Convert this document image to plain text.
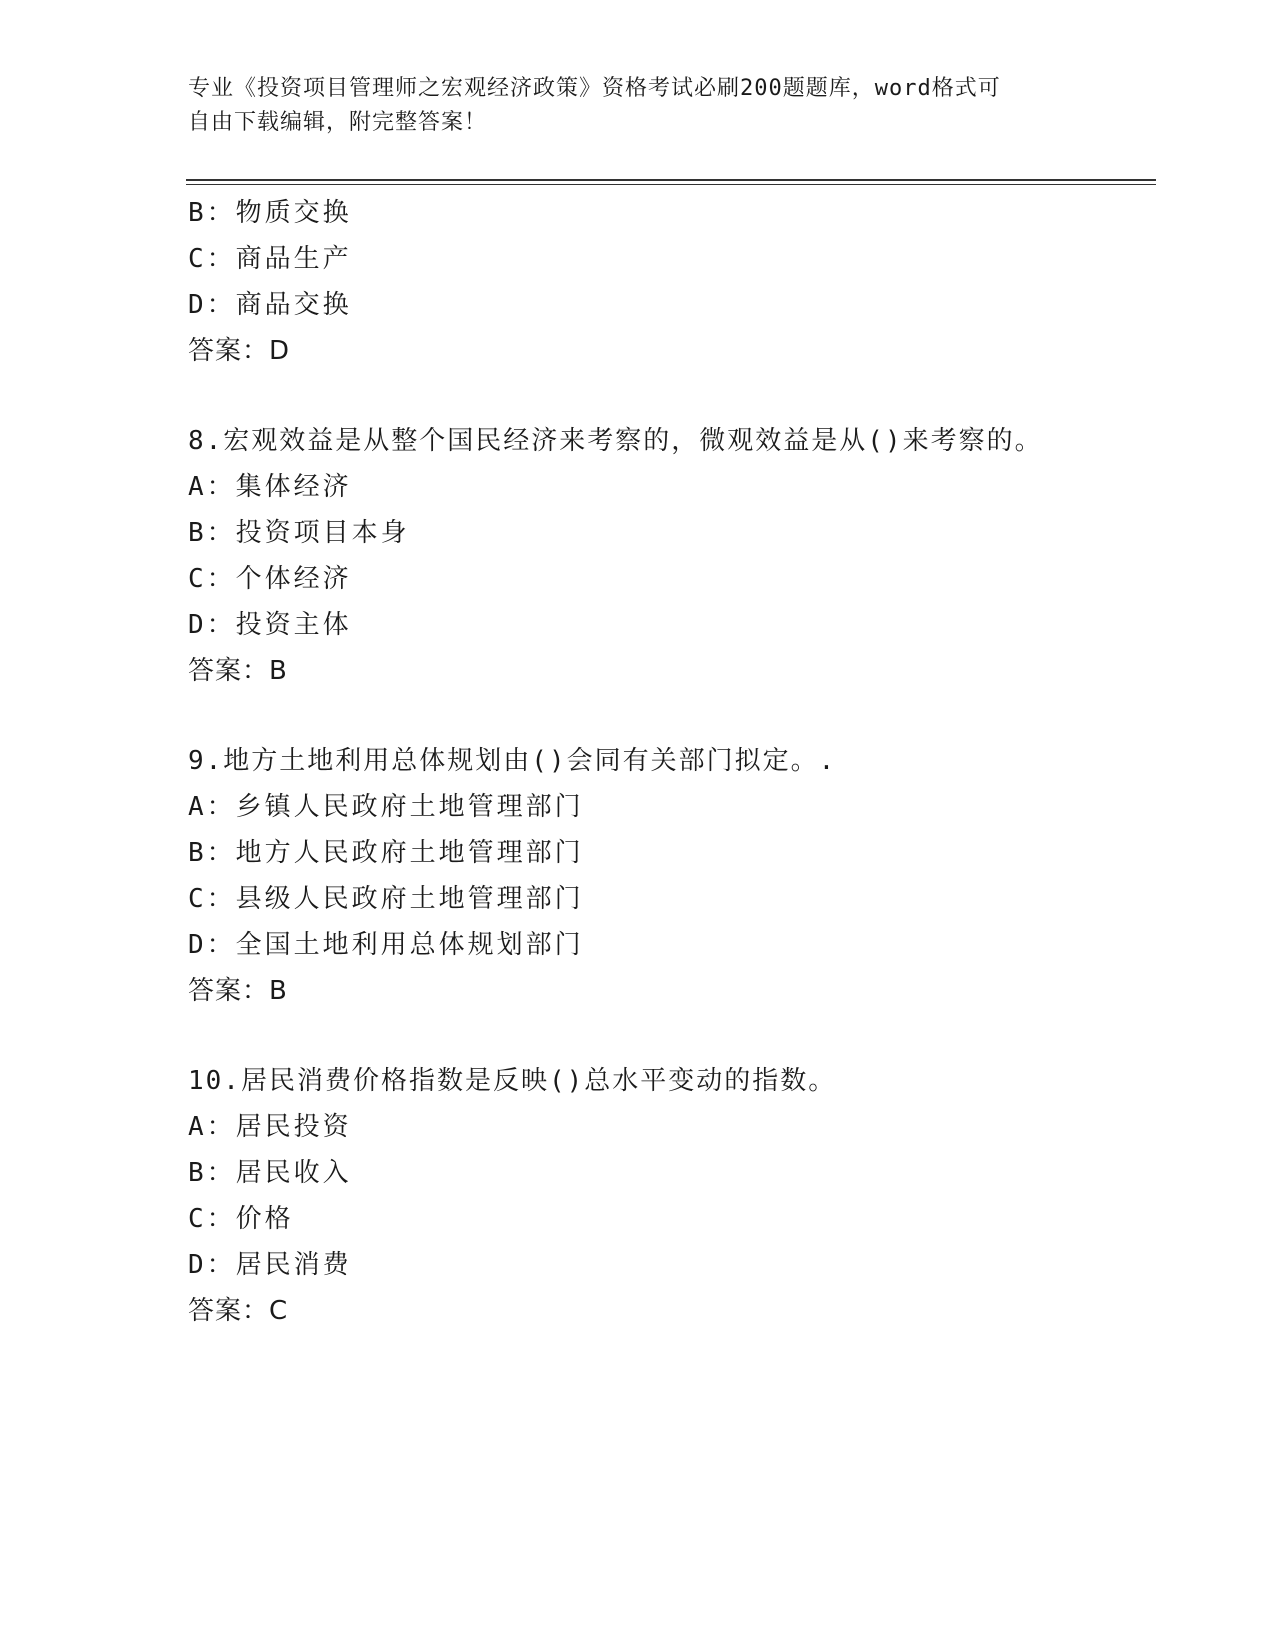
专业《投资项目管理师之宏观经济政策》资格考试必刷200题题库，word格式可
自由下载编辑，附完整答案！
B：物质交换
C：商品生产
D：商品交换
答案：D
8.宏观效益是从整个国民经济来考察的，微观效益是从()来考察的。
A：集体经济
B：投资项目本身
C：个体经济
D：投资主体
答案：B
9.地方土地利用总体规划由()会同有关部门拟定。.
A：乡镇人民政府土地管理部门
B：地方人民政府土地管理部门
C：县级人民政府土地管理部门
D：全国土地利用总体规划部门
答案：B
10.居民消费价格指数是反映()总水平变动的指数。
A：居民投资
B：居民收入
C：价格
D：居民消费
答案：C
